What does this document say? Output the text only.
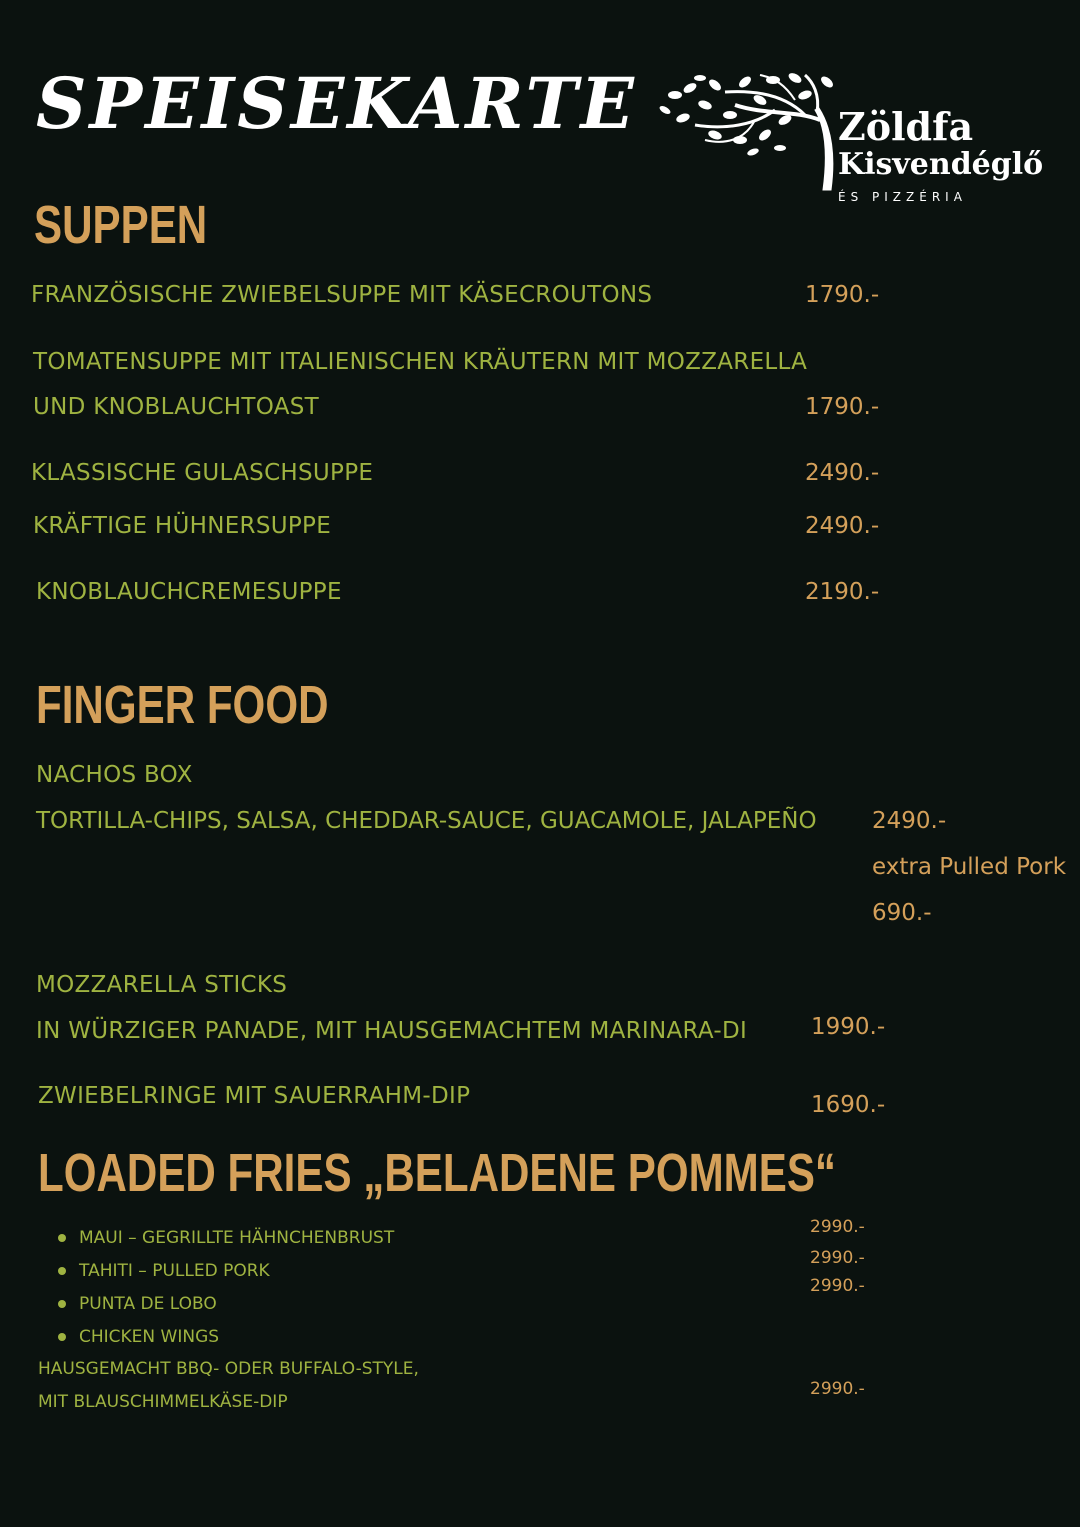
SPEISEKARTE	Zöldfa
Kisvendéglő
ÉS PIZZÉRIA
SUPPEN
FRANZÖSISCHE ZWIEBELSUPPE MIT KÄSECROUTONS	1790.-
TOMATENSUPPE MIT ITALIENISCHEN KRÄUTERN MIT MOZZARELLA
UND KNOBLAUCHTOAST	1790.-
KLASSISCHE GULASCHSUPPE	2490.-
KRÄFTIGE HÜHNERSUPPE	2490.-
KNOBLAUCHCREMESUPPE	2190.-
FINGER FOOD
NACHOS BOX
TORTILLA-CHIPS, SALSA, CHEDDAR-SAUCE, GUACAMOLE, JALAPEÑO 2490.-
extra Pulled Pork
690.-
MOZZARELLA STICKS
IN WÜRZIGER PANADE, MIT HAUSGEMACHTEM MARINARA-DI	1990.-
ZWIEBELRINGE MIT SAUERRAHM-DIP	1690.-
LOADED FRIES „BELADENE POMMES“
MAUI – GEGRILLTE HÄHNCHENBRUST
2990.-
TAHITI – PULLED PORK
2990.-
PUNTA DE LOBO
2990.-
CHICKEN WINGS
HAUSGEMACHT BBQ- ODER BUFFALO-STYLE,
MIT BLAUSCHIMMELKÄSE-DIP
2990.-
